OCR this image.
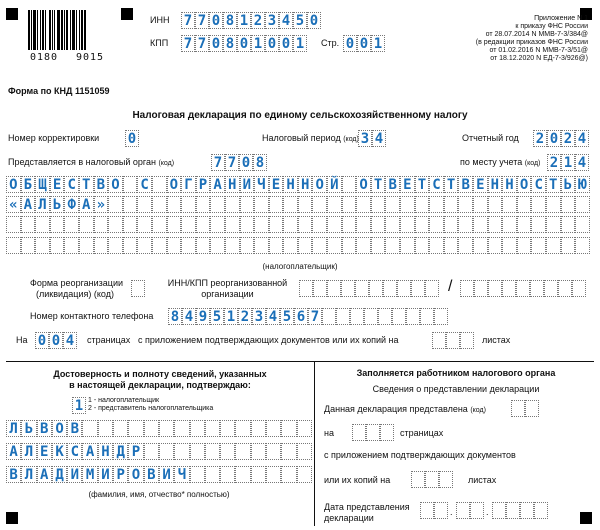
0180 9015
ИНН 7 7 0 8 1 2 3 4 5 0
КПП 7 7 0 8 0 1 0 0 1	Стр. 0 0 1
Приложение N 1
к приказу ФНС России
от 28.07.2014 N ММВ-7-3/384@
(в редакции приказов ФНС России
от 01.02.2016 N ММВ-7-3/51@
от 18.12.2020 N ЕД-7-3/926@)
Форма по КНД 1151059
Налоговая декларация по единому сельскохозяйственному налогу
Номер корректировки 0	Налоговый период (код) 3 4	Отчетный год 2 0 2 4
Представляется в налоговый орган (код)	7 7 0 8	по месту учета (код) 2 1 4
О Б Щ Е С Т В О С О Г Р А Н И Ч Е Н Н О Й О Т В Е Т С Т В Е Н Н О С Т Ь Ю
« А Л Ь Ф А »
(налогоплательщик)
Форма реорганизации
(ликвидация) (код)
ИНН/КПП реорганизованной
организации	/
Номер контактного телефона 8 4 9 5 1 2 3 4 5 6 7
На 0 0 4	страницах с приложением подтверждающих документов или их копий на	листах
Достоверность и полноту сведений, указанных
в настоящей декларации, подтверждаю:
1 1 - налогоплательщик
2 - представитель налогоплательщика
Л Ь В О В
А Л Е К С А Н Д Р
В Л А Д И М И Р О В И Ч
(фамилия, имя, отчество* полностью)
Заполняется работником налогового органа
Сведения о представлении декларации
Данная декларация представлена (код)
на	страницах
с приложением подтверждающих документов
или их копий на	листах
Дата представления
декларации
.	.
